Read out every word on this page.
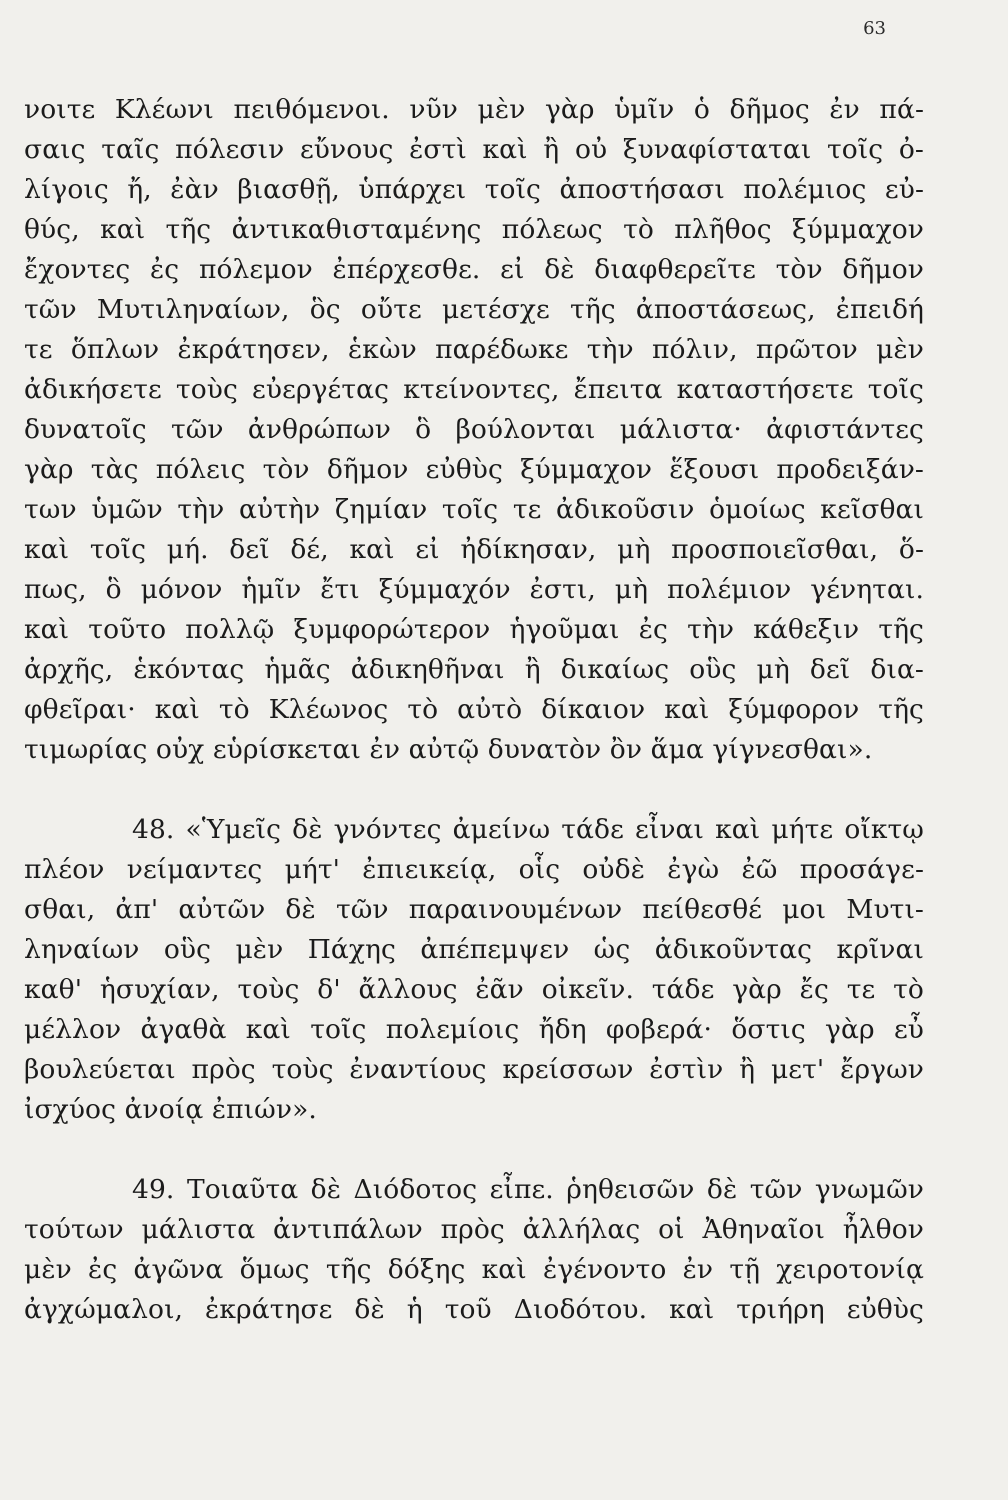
63
νοιτε Κλέωνι πειθόμενοι. νῦν μὲν γὰρ ὑμῖν ὁ δῆμος ἐν πά-
σαις ταῖς πόλεσιν εὔνους ἐστὶ καὶ ἢ οὐ ξυναφίσταται τοῖς ὀ-
λίγοις ἤ, ἐὰν βιασθῇ, ὑπάρχει τοῖς ἀποστήσασι πολέμιος εὐ-
θύς, καὶ τῆς ἀντικαθισταμένης πόλεως τὸ πλῆθος ξύμμαχον
ἔχοντες ἐς πόλεμον ἐπέρχεσθε. εἰ δὲ διαφθερεῖτε τὸν δῆμον
τῶν Μυτιληναίων, ὃς οὔτε μετέσχε τῆς ἀποστάσεως, ἐπειδή
τε ὅπλων ἐκράτησεν, ἑκὼν παρέδωκε τὴν πόλιν, πρῶτον μὲν
ἀδικήσετε τοὺς εὐεργέτας κτείνοντες, ἔπειτα καταστήσετε τοῖς
δυνατοῖς τῶν ἀνθρώπων ὃ βούλονται μάλιστα· ἀφιστάντες
γὰρ τὰς πόλεις τὸν δῆμον εὐθὺς ξύμμαχον ἕξουσι προδειξάν-
των ὑμῶν τὴν αὐτὴν ζημίαν τοῖς τε ἀδικοῦσιν ὁμοίως κεῖσθαι
καὶ τοῖς μή. δεῖ δέ, καὶ εἰ ἠδίκησαν, μὴ προσποιεῖσθαι, ὅ-
πως, ὃ μόνον ἡμῖν ἔτι ξύμμαχόν ἐστι, μὴ πολέμιον γένηται.
καὶ τοῦτο πολλῷ ξυμφορώτερον ἡγοῦμαι ἐς τὴν κάθεξιν τῆς
ἀρχῆς, ἑκόντας ἡμᾶς ἀδικηθῆναι ἢ δικαίως οὓς μὴ δεῖ δια-
φθεῖραι· καὶ τὸ Κλέωνος τὸ αὐτὸ δίκαιον καὶ ξύμφορον τῆς
τιμωρίας οὐχ εὑρίσκεται ἐν αὐτῷ δυνατὸν ὂν ἅμα γίγνεσθαι».
48. «Ὑμεῖς δὲ γνόντες ἀμείνω τάδε εἶναι καὶ μήτε οἴκτῳ
πλέον νείμαντες μήτ' ἐπιεικείᾳ, οἷς οὐδὲ ἐγὼ ἐῶ προσάγε-
σθαι, ἀπ' αὐτῶν δὲ τῶν παραινουμένων πείθεσθέ μοι Μυτι-
ληναίων οὓς μὲν Πάχης ἀπέπεμψεν ὡς ἀδικοῦντας κρῖναι
καθ' ἡσυχίαν, τοὺς δ' ἄλλους ἐᾶν οἰκεῖν. τάδε γὰρ ἔς τε τὸ
μέλλον ἀγαθὰ καὶ τοῖς πολεμίοις ἤδη φοβερά· ὅστις γὰρ εὖ
βουλεύεται πρὸς τοὺς ἐναντίους κρείσσων ἐστὶν ἢ μετ' ἔργων
ἰσχύος ἀνοίᾳ ἐπιών».
49. Τοιαῦτα δὲ Διόδοτος εἶπε. ῥηθεισῶν δὲ τῶν γνωμῶν
τούτων μάλιστα ἀντιπάλων πρὸς ἀλλήλας οἱ Ἀθηναῖοι ἦλθον
μὲν ἐς ἀγῶνα ὅμως τῆς δόξης καὶ ἐγένοντο ἐν τῇ χειροτονίᾳ
ἀγχώμαλοι, ἐκράτησε δὲ ἡ τοῦ Διοδότου. καὶ τριήρη εὐθὺς
